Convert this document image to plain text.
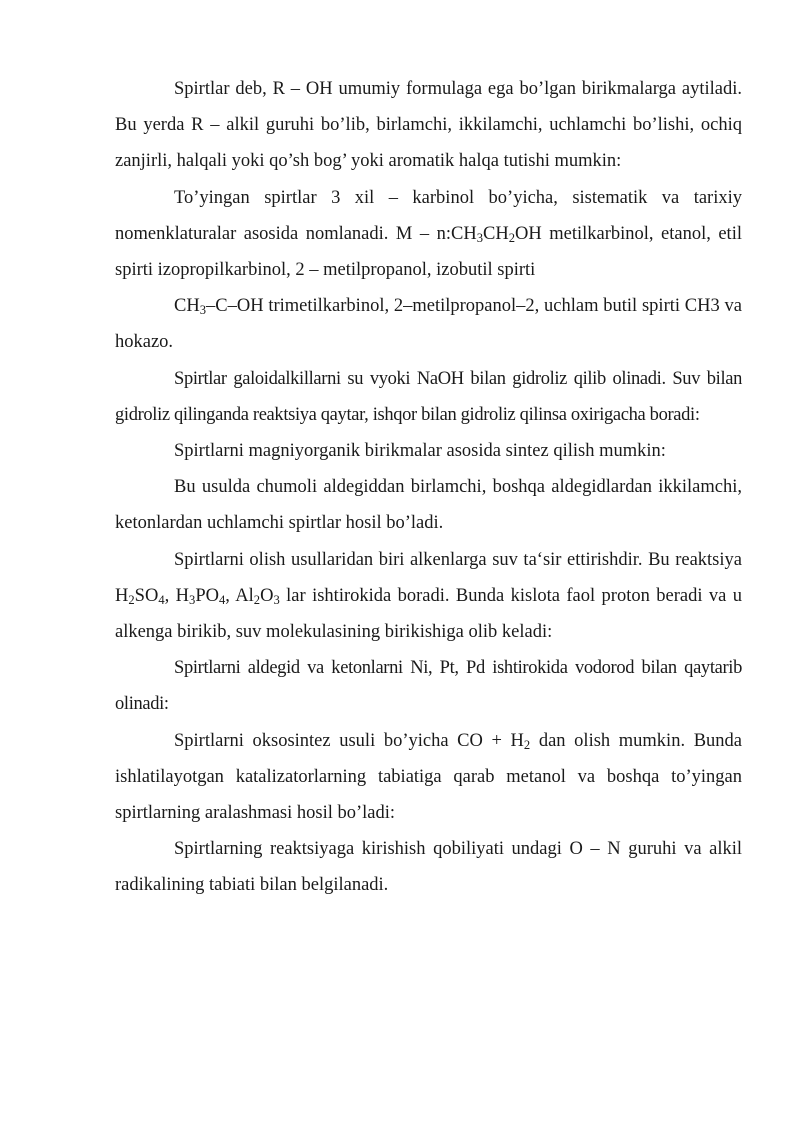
Spirtlar deb, R – OH umumiy formulaga ega bo’lgan birikmalarga aytiladi. Bu yerda R – alkil guruhi bo’lib, birlamchi, ikkilamchi, uchlamchi bo’lishi, ochiq zanjirli, halqali yoki qo’sh bog’ yoki aromatik halqa tutishi mumkin:

To’yingan spirtlar 3 xil – karbinol bo’yicha, sistematik va tarixiy nomenklaturalar asosida nomlanadi. M – $n:CH_3CH_2OH$ metilkarbinol, etanol, etil spirti izopropilkarbinol, 2 – metilpropanol, izobutil spirti

$CH_3-C-OH$ trimetilkarbinol, 2–metilpropanol–2, uchlam butil spirti CH3 va hokazo.

Spirtlar galoidalkillarni su vyoki NaOH bilan gidroliz qilib olinadi. Suv bilan gidroliz qilinganda reaktsiya qaytar, ishqor bilan gidroliz qilinsa oxirigacha boradi:

Spirtlarni magniyorganik birikmalar asosida sintez qilish mumkin:

Bu usulda chumoli aldegiddan birlamchi, boshqa aldegidlardan ikkilamchi, ketonlardan uchlamchi spirtlar hosil bo’ladi.

Spirtlarni olish usullaridan biri alkenlarga suv ta‘sir ettirishdir. Bu reaktsiya $H_2SO_4$, $H_3PO_4$, $Al_2O_3$ lar ishtirokida boradi. Bunda kislota faol proton beradi va u alkenga birikib, suv molekulasining birikishiga olib keladi:

Spirtlarni aldegid va ketonlarni Ni, Pt, Pd ishtirokida vodorod bilan qaytarib olinadi:

Spirtlarni oksosintez usuli bo’yicha CO + $H_2$ dan olish mumkin. Bunda ishlatilayotgan katalizatorlarning tabiatiga qarab metanol va boshqa to’yingan spirtlarning aralashmasi hosil bo’ladi:

Spirtlarning reaktsiyaga kirishish qobiliyati undagi O – N guruhi va alkil radikalining tabiati bilan belgilanadi.
